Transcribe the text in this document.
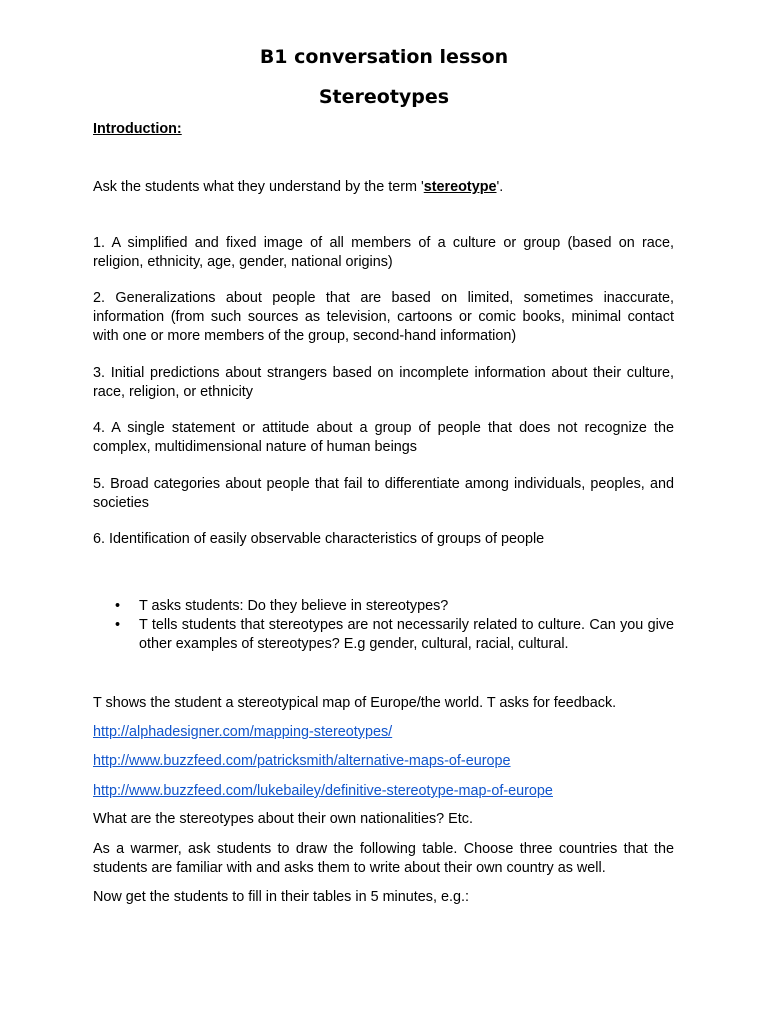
B1 conversation lesson
Stereotypes
Introduction:
Ask the students what they understand by the term 'stereotype'.
1. A simplified and fixed image of all members of a culture or group (based on race, religion, ethnicity, age, gender, national origins)
2. Generalizations about people that are based on limited, sometimes inaccurate, information (from such sources as television, cartoons or comic books, minimal contact with one or more members of the group, second-hand information)
3. Initial predictions about strangers based on incomplete information about their culture, race, religion, or ethnicity
4. A single statement or attitude about a group of people that does not recognize the complex, multidimensional nature of human beings
5. Broad categories about people that fail to differentiate among individuals, peoples, and societies
6. Identification of easily observable characteristics of groups of people
• T asks students: Do they believe in stereotypes?
• T tells students that stereotypes are not necessarily related to culture. Can you give other examples of stereotypes? E.g gender, cultural, racial, cultural.
T shows the student a stereotypical map of Europe/the world. T asks for feedback.
http://alphadesigner.com/mapping-stereotypes/
http://www.buzzfeed.com/patricksmith/alternative-maps-of-europe
http://www.buzzfeed.com/lukebailey/definitive-stereotype-map-of-europe
What are the stereotypes about their own nationalities? Etc.
As a warmer, ask students to draw the following table. Choose three countries that the students are familiar with and asks them to write about their own country as well.
Now get the students to fill in their tables in 5 minutes, e.g.:
